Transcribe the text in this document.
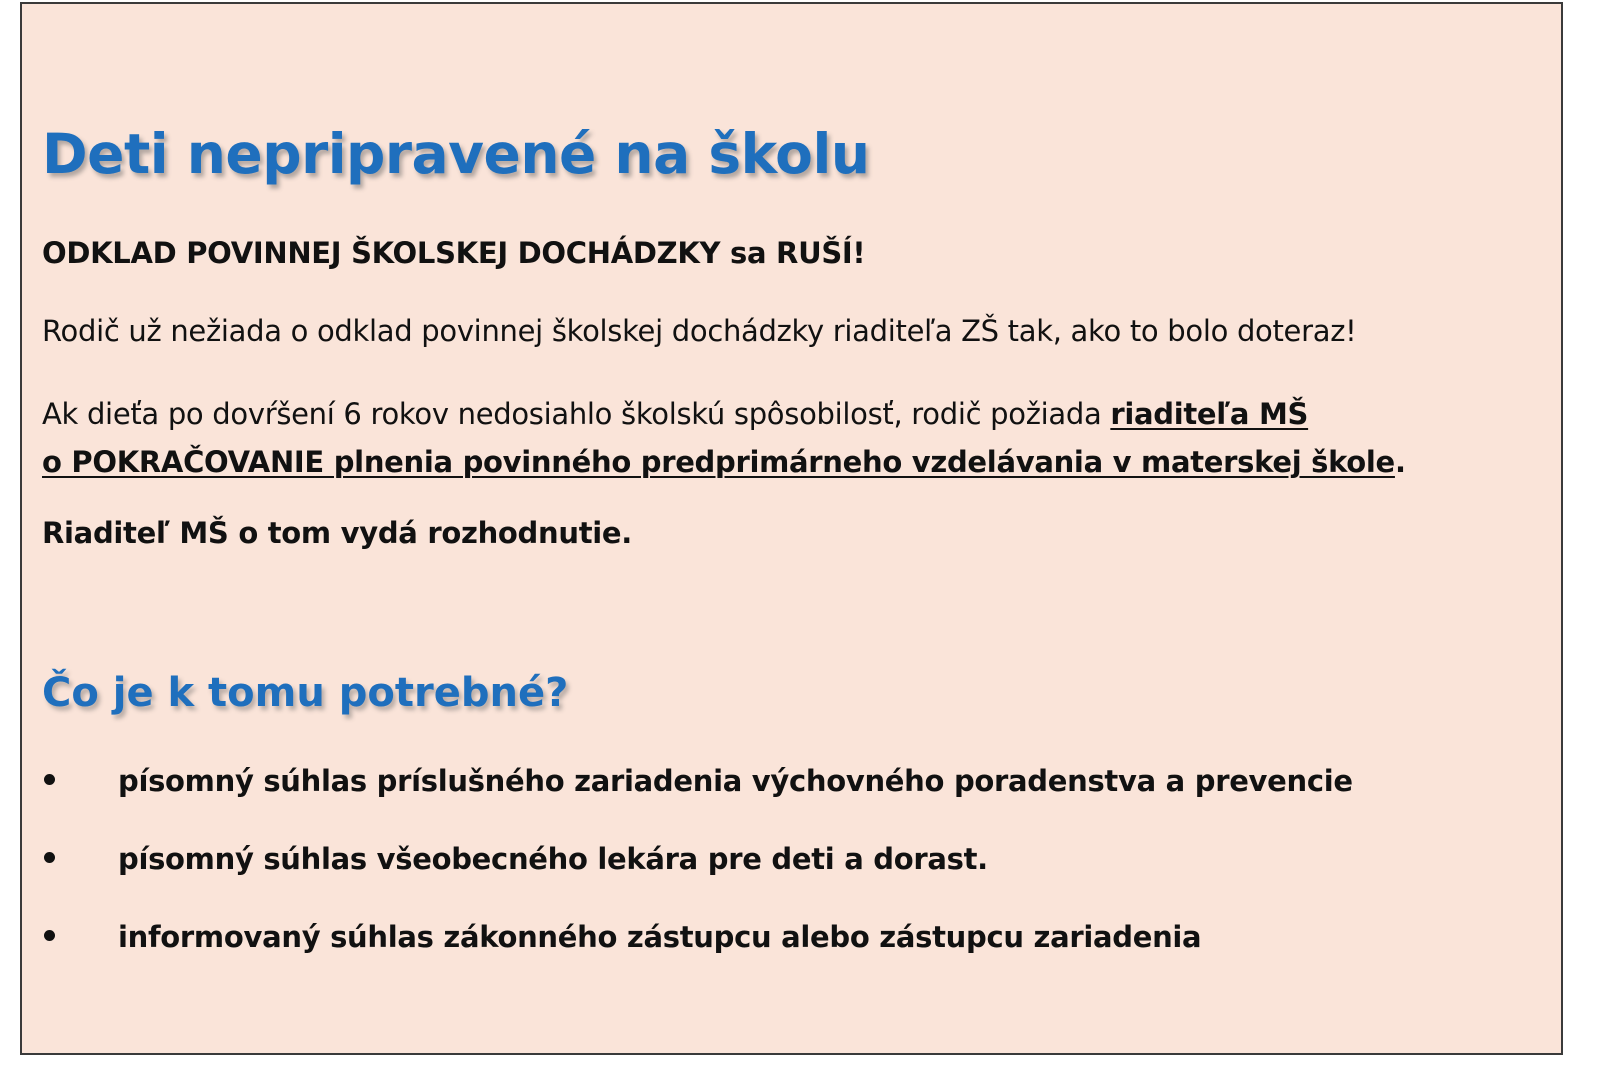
Deti nepripravené na školu

ODKLAD POVINNEJ ŠKOLSKEJ DOCHÁDZKY sa RUŠÍ!

Rodič už nežiada o odklad povinnej školskej dochádzky riaditeľa ZŠ tak, ako to bolo doteraz!

Ak dieťa po dovŕšení 6 rokov nedosiahlo školskú spôsobilosť, rodič požiada riaditeľa MŠ
o POKRAČOVANIE plnenia povinného predprimárneho vzdelávania v materskej škole.

Riaditeľ MŠ o tom vydá rozhodnutie.

Čo je k tomu potrebné?
písomný súhlas príslušného zariadenia výchovného poradenstva a prevencie
písomný súhlas všeobecného lekára pre deti a dorast.
informovaný súhlas zákonného zástupcu alebo zástupcu zariadenia
